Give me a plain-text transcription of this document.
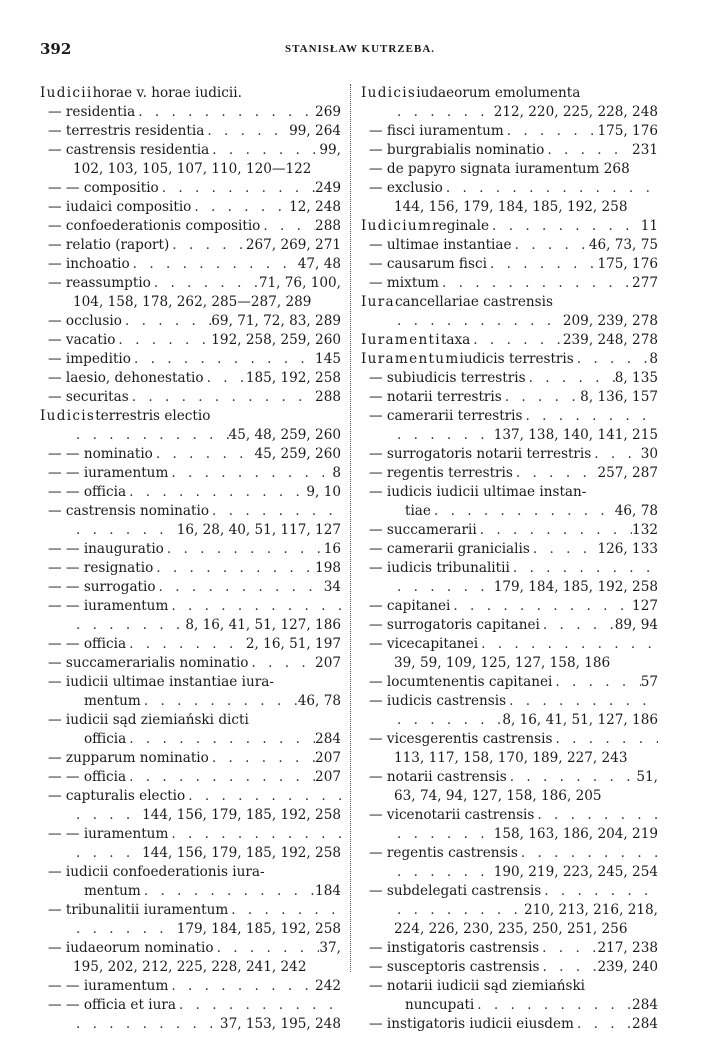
392	STANISŁAW KUTRZEBA.
Iudicii horae v. horae iudicii.
— residentia . . .	269
— terrestris residentia . . .	99, 264
— castrensis residentia . . .	99,
102, 103, 105, 107, 110, 120—122
— — compositio . . .	249
— iudaici compositio . . .	12, 248
— confoederationis compositio . . .	288
— relatio (raport) . . .	267, 269, 271
— inchoatio . . .	47, 48
— reassumptio . . .	71, 76, 100,
104, 158, 178, 262, 285—287, 289
— occlusio . . .	69, 71, 72, 83, 289
— vacatio . . .	192, 258, 259, 260
— impeditio . . .	145
— laesio, dehonestatio . . .	185, 192, 258
— securitas . . .	288
Iudicis terrestris electio
. . .
45, 48, 259, 260
— — nominatio . . .	45, 259, 260
— — iuramentum . . .	8
— — officia . . .	9, 10
— castrensis nominatio
. . .
. . .
16, 28, 40, 51, 117, 127
— — inauguratio . . .	16
— — resignatio . . .	198
— — surrogatio . . .	34
— — iuramentum
. . .
. . .
8, 16, 41, 51, 127, 186
— — officia . . .	2, 16, 51, 197
— succamerarialis nominatio . . .	207
— iudicii ultimae instantiae iura-
mentum . . .	46, 78
— iudicii sąd ziemiański dicti
officia . . .	284
— zupparum nominatio . . .	207
— — officia . . .	207
— capturalis electio
. . .
. . .
144, 156, 179, 185, 192, 258
— — iuramentum
. . .
. . .
144, 156, 179, 185, 192, 258
— iudicii confoederationis iura-
mentum . . .	184
— tribunalitii iuramentum
. . .
. . .
179, 184, 185, 192, 258
— iudaeorum nominatio . . .	37,
195, 202, 212, 225, 228, 241, 242
— — iuramentum . . .	242
— — officia et iura
. . .
. . .
37, 153, 195, 248
Iudicis iudaeorum emolumenta
. . .
212, 220, 225, 228, 248
— fisci iuramentum . . .	175, 176
— burgrabialis nominatio . . .	231
— de papyro signata iuramentum 268
— exclusio
. . .
144, 156, 179, 184, 185, 192, 258
Iudicium reginale . . .	11
— ultimae instantiae . . .	46, 73, 75
— causarum fisci . . .	175, 176
— mixtum . . .	277
Iura cancellariae castrensis
. . .
209, 239, 278
Iuramenti taxa . . .	239, 248, 278
Iuramentum iudicis terrestris . . .	8
— subiudicis terrestris . . .	8, 135
— notarii terrestris . . .	8, 136, 157
— camerarii terrestris
. . .
. . .
137, 138, 140, 141, 215
— surrogatoris notarii terrestris . . .	30
— regentis terrestris . . .	257, 287
— iudicis iudicii ultimae instan-
tiae . . .	46, 78
— succamerarii . . .	132
— camerarii granicialis . . .	126, 133
— iudicis tribunalitii
. . .
. . .
179, 184, 185, 192, 258
— capitanei . . .	127
— surrogatoris capitanei . . .	89, 94
— vicecapitanei
. . .
39, 59, 109, 125, 127, 158, 186
— locumtenentis capitanei . . .	57
— iudicis castrensis
. . .
. . .
8, 16, 41, 51, 127, 186
— vicesgerentis castrensis
. . .
113, 117, 158, 170, 189, 227, 243
— notarii castrensis . . .	51,
63, 74, 94, 127, 158, 186, 205
— vicenotarii castrensis
. . .
. . .
158, 163, 186, 204, 219
— regentis castrensis
. . .
. . .
190, 219, 223, 245, 254
— subdelegati castrensis
. . .
. . .
210, 213, 216, 218,
224, 226, 230, 235, 250, 251, 256
— instigatoris castrensis . . .	217, 238
— susceptoris castrensis . . .	239, 240
— notarii iudicii sąd ziemiański
nuncupati . . .	284
— instigatoris iudicii eiusdem . . .	284
